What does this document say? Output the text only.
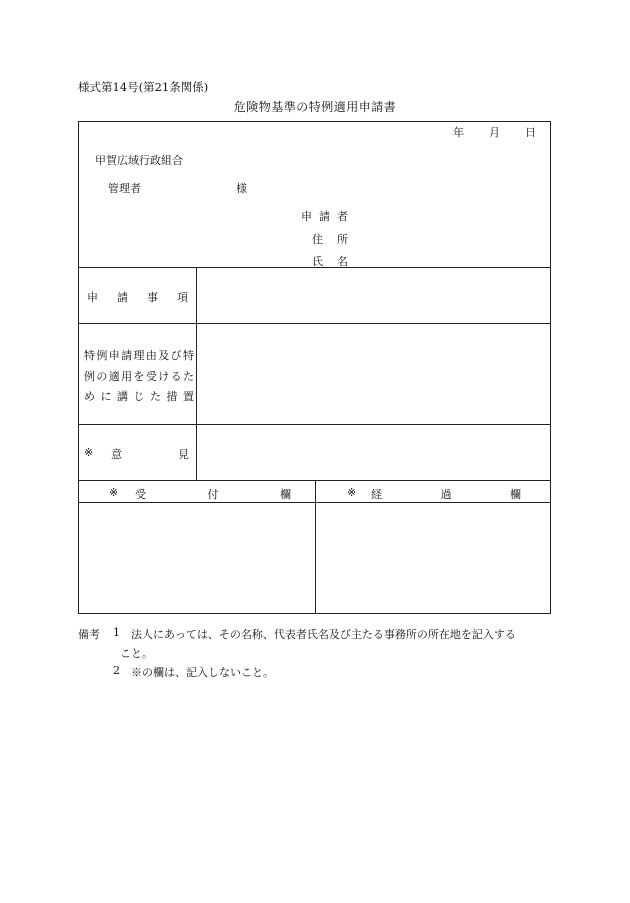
様式第14号(第21条関係)
危険物基準の特例適用申請書
年 月 日
甲賀広域行政組合
管理者	様
申 請 者
住 所
氏 名
申 請 事 項
特例申請理由及び特
例の適用を受けるた
めに講じた措置
※ 意	見
※ 受	付	欄	※ 経	過	欄
備考 1 法人にあっては、その名称、代表者氏名及び主たる事務所の所在地を記入する
こと。
2 ※の欄は、記入しないこと。
